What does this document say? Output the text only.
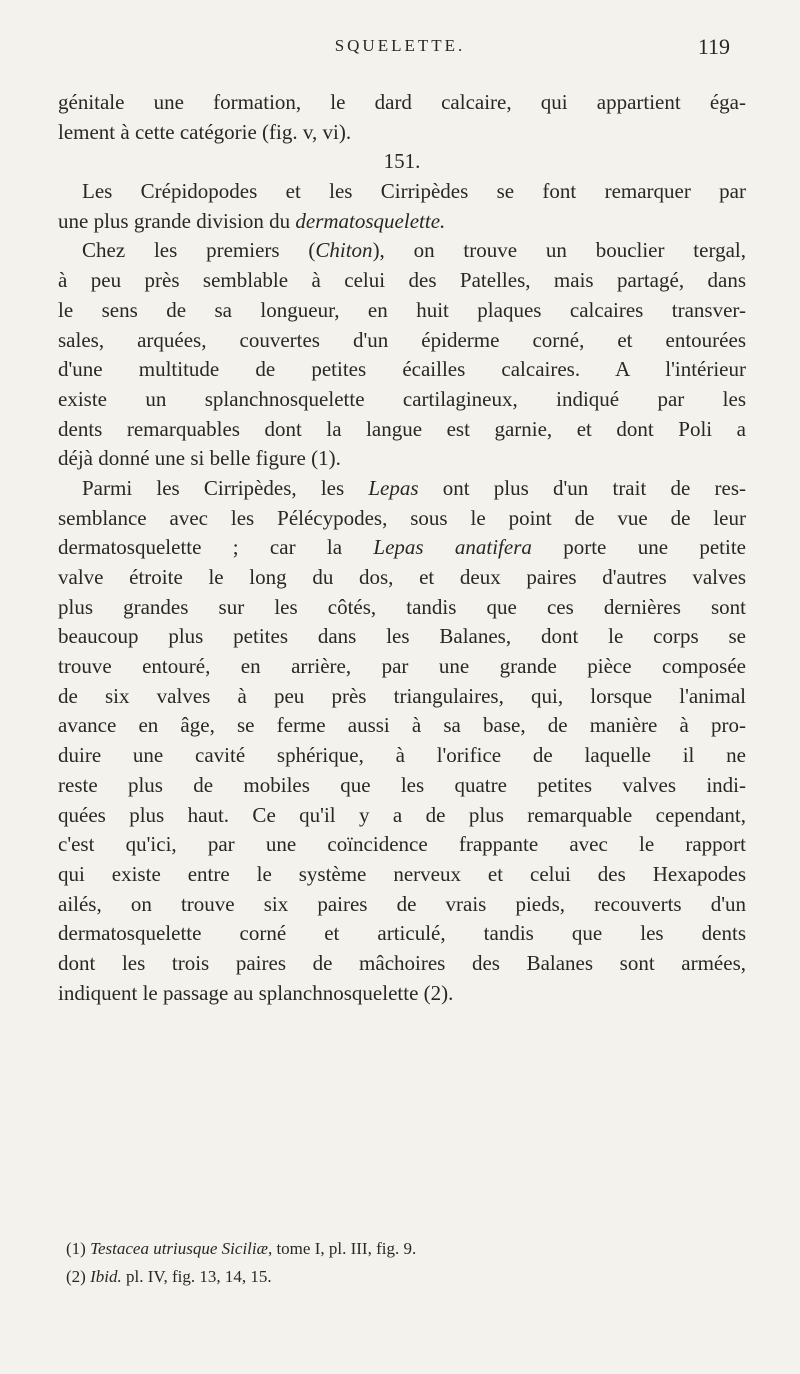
SQUELETTE.	119
génitale une formation, le dard calcaire, qui appartient éga-
lement à cette catégorie (fig. v, vi).
151.
Les Crépidopodes et les Cirripèdes se font remarquer par
une plus grande division du dermatosquelette.
Chez les premiers (Chiton), on trouve un bouclier tergal,
à peu près semblable à celui des Patelles, mais partagé, dans
le sens de sa longueur, en huit plaques calcaires transver-
sales, arquées, couvertes d'un épiderme corné, et entourées
d'une multitude de petites écailles calcaires. A l'intérieur
existe un splanchnosquelette cartilagineux, indiqué par les
dents remarquables dont la langue est garnie, et dont Poli a
déjà donné une si belle figure (1).
Parmi les Cirripèdes, les Lepas ont plus d'un trait de res-
semblance avec les Pélécypodes, sous le point de vue de leur
dermatosquelette ; car la Lepas anatifera porte une petite
valve étroite le long du dos, et deux paires d'autres valves
plus grandes sur les côtés, tandis que ces dernières sont
beaucoup plus petites dans les Balanes, dont le corps se
trouve entouré, en arrière, par une grande pièce composée
de six valves à peu près triangulaires, qui, lorsque l'animal
avance en âge, se ferme aussi à sa base, de manière à pro-
duire une cavité sphérique, à l'orifice de laquelle il ne
reste plus de mobiles que les quatre petites valves indi-
quées plus haut. Ce qu'il y a de plus remarquable cependant,
c'est qu'ici, par une coïncidence frappante avec le rapport
qui existe entre le système nerveux et celui des Hexapodes
ailés, on trouve six paires de vrais pieds, recouverts d'un
dermatosquelette corné et articulé, tandis que les dents
dont les trois paires de mâchoires des Balanes sont armées,
indiquent le passage au splanchnosquelette (2).
(1) Testacea utriusque Siciliæ, tome I, pl. III, fig. 9.
(2) Ibid. pl. IV, fig. 13, 14, 15.
